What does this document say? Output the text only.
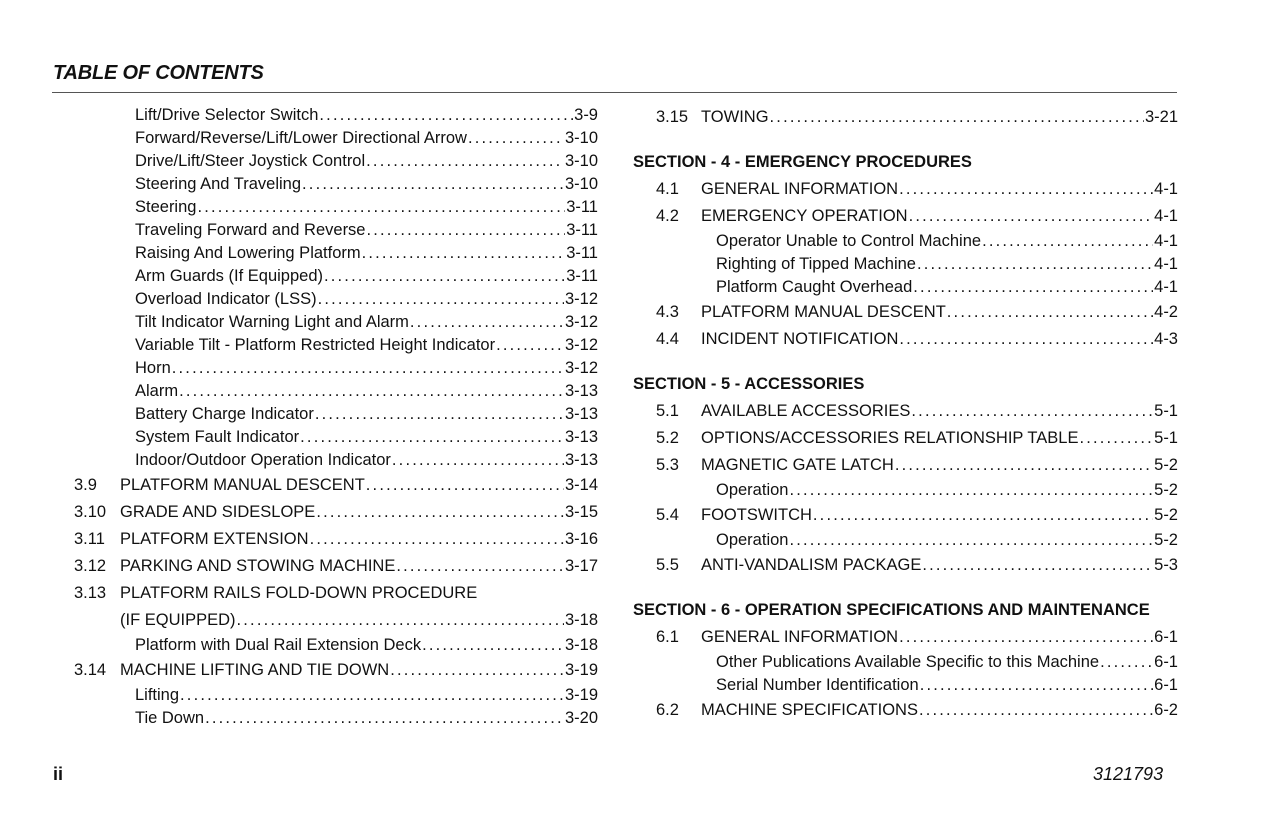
TABLE OF CONTENTS
Lift/Drive Selector Switch . . .	3-9
Forward/Reverse/Lift/Lower Directional Arrow . . .	3-10
Drive/Lift/Steer Joystick Control . . .	3-10
Steering And Traveling . . .	3-10
Steering . . .	3-11
Traveling Forward and Reverse . . .	3-11
Raising And Lowering Platform . . .	3-11
Arm Guards (If Equipped) . . .	3-11
Overload Indicator (LSS) . . .	3-12
Tilt Indicator Warning Light and Alarm . . .	3-12
Variable Tilt - Platform Restricted Height Indicator . . .	3-12
Horn . . .	3-12
Alarm . . .	3-13
Battery Charge Indicator . . .	3-13
System Fault Indicator . . .	3-13
Indoor/Outdoor Operation Indicator . . .	3-13
3.9	PLATFORM MANUAL DESCENT . . .	3-14
3.10 GRADE AND SIDESLOPE . . .	3-15
3.11 PLATFORM EXTENSION . . .	3-16
3.12 PARKING AND STOWING MACHINE . . .	3-17
3.13 PLATFORM RAILS FOLD-DOWN PROCEDURE
(IF EQUIPPED) . . .	3-18
Platform with Dual Rail Extension Deck . . .	3-18
3.14 MACHINE LIFTING AND TIE DOWN . . .	3-19
Lifting . . .	3-19
Tie Down . . .	3-20
3.15 TOWING . . .	3-21
SECTION - 4 - EMERGENCY PROCEDURES
4.1	GENERAL INFORMATION . . .	4-1
4.2	EMERGENCY OPERATION . . .	4-1
Operator Unable to Control Machine . . .	4-1
Righting of Tipped Machine . . .	4-1
Platform Caught Overhead . . .	4-1
4.3	PLATFORM MANUAL DESCENT . . .	4-2
4.4	INCIDENT NOTIFICATION . . .	4-3
SECTION - 5 - ACCESSORIES
5.1	AVAILABLE ACCESSORIES . . .	5-1
5.2	OPTIONS/ACCESSORIES RELATIONSHIP TABLE . . .	5-1
5.3	MAGNETIC GATE LATCH . . .	5-2
Operation . . .	5-2
5.4	FOOTSWITCH . . .	5-2
Operation . . .	5-2
5.5	ANTI-VANDALISM PACKAGE . . .	5-3
SECTION - 6 - OPERATION SPECIFICATIONS AND MAINTENANCE
6.1	GENERAL INFORMATION . . .	6-1
Other Publications Available Specific to this Machine . . .	6-1
Serial Number Identification . . .	6-1
6.2	MACHINE SPECIFICATIONS . . .	6-2
ii	3121793
